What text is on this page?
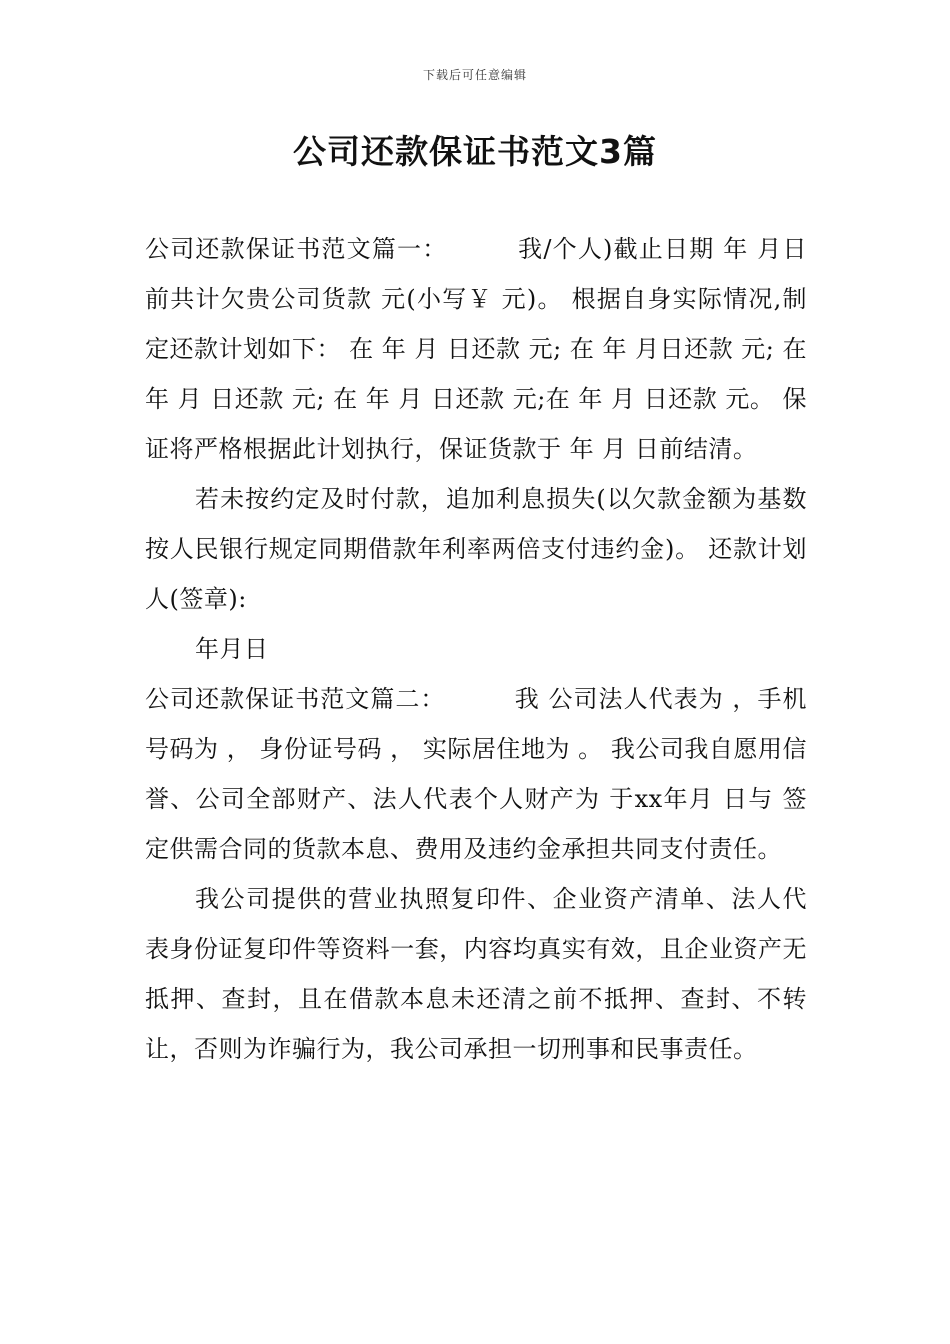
下载后可任意编辑
公司还款保证书范文3篇

公司还款保证书范文篇一：        我/个人)截止日期 年 月日前共计欠贵公司货款 元(小写￥ 元)。 根据自身实际情况,制定还款计划如下： 在 年 月 日还款 元; 在 年 月日还款 元; 在 年 月 日还款 元; 在 年 月 日还款 元;在 年 月 日还款 元。 保证将严格根据此计划执行，保证货款于 年 月 日前结清。

若未按约定及时付款，追加利息损失(以欠款金额为基数按人民银行规定同期借款年利率两倍支付违约金)。 还款计划人(签章):

年月日

公司还款保证书范文篇二：        我 公司法人代表为 ，手机号码为 ， 身份证号码 ， 实际居住地为 。 我公司我自愿用信誉、公司全部财产、法人代表个人财产为 于xx年月 日与 签定供需合同的货款本息、费用及违约金承担共同支付责任。

我公司提供的营业执照复印件、企业资产清单、法人代表身份证复印件等资料一套，内容均真实有效，且企业资产无抵押、查封，且在借款本息未还清之前不抵押、查封、不转让，否则为诈骗行为，我公司承担一切刑事和民事责任。
